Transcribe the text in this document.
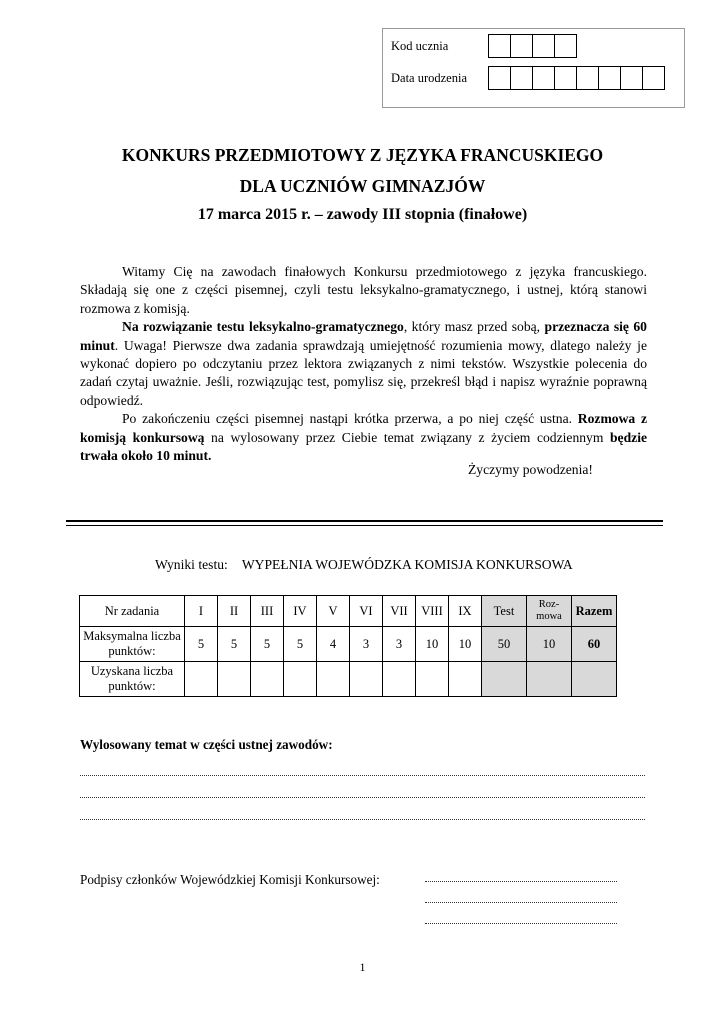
Kod ucznia
Data urodzenia
KONKURS PRZEDMIOTOWY Z JĘZYKA FRANCUSKIEGO
DLA UCZNIÓW GIMNAZJÓW
17 marca 2015 r. – zawody III stopnia (finałowe)

Witamy Cię na zawodach finałowych Konkursu przedmiotowego z języka francuskiego. Składają się one z części pisemnej, czyli testu leksykalno-gramatycznego, i ustnej, którą stanowi rozmowa z komisją.

Na rozwiązanie testu leksykalno-gramatycznego, który masz przed sobą, przeznacza się 60 minut. Uwaga! Pierwsze dwa zadania sprawdzają umiejętność rozumienia mowy, dlatego należy je wykonać dopiero po odczytaniu przez lektora związanych z nimi tekstów. Wszystkie polecenia do zadań czytaj uważnie. Jeśli, rozwiązując test, pomylisz się, przekreśl błąd i napisz wyraźnie poprawną odpowiedź.

Po zakończeniu części pisemnej nastąpi krótka przerwa, a po niej część ustna. Rozmowa z komisją konkursową na wylosowany przez Ciebie temat związany z życiem codziennym będzie trwała około 10 minut.

Życzymy powodzenia!
Wyniki testu: WYPEŁNIA WOJEWÓDZKA KOMISJA KONKURSOWA
Nr zadania	I	II	III	IV	V	VI	VII	VIII	IX	Test	Roz-mowa	Razem
Maksymalna liczba punktów:	5	5	5	5	4	3	3	10	10	50	10	60
Uzyskana liczba punktów:												
Wylosowany temat w części ustnej zawodów:
Podpisy członków Wojewódzkiej Komisji Konkursowej:
1
